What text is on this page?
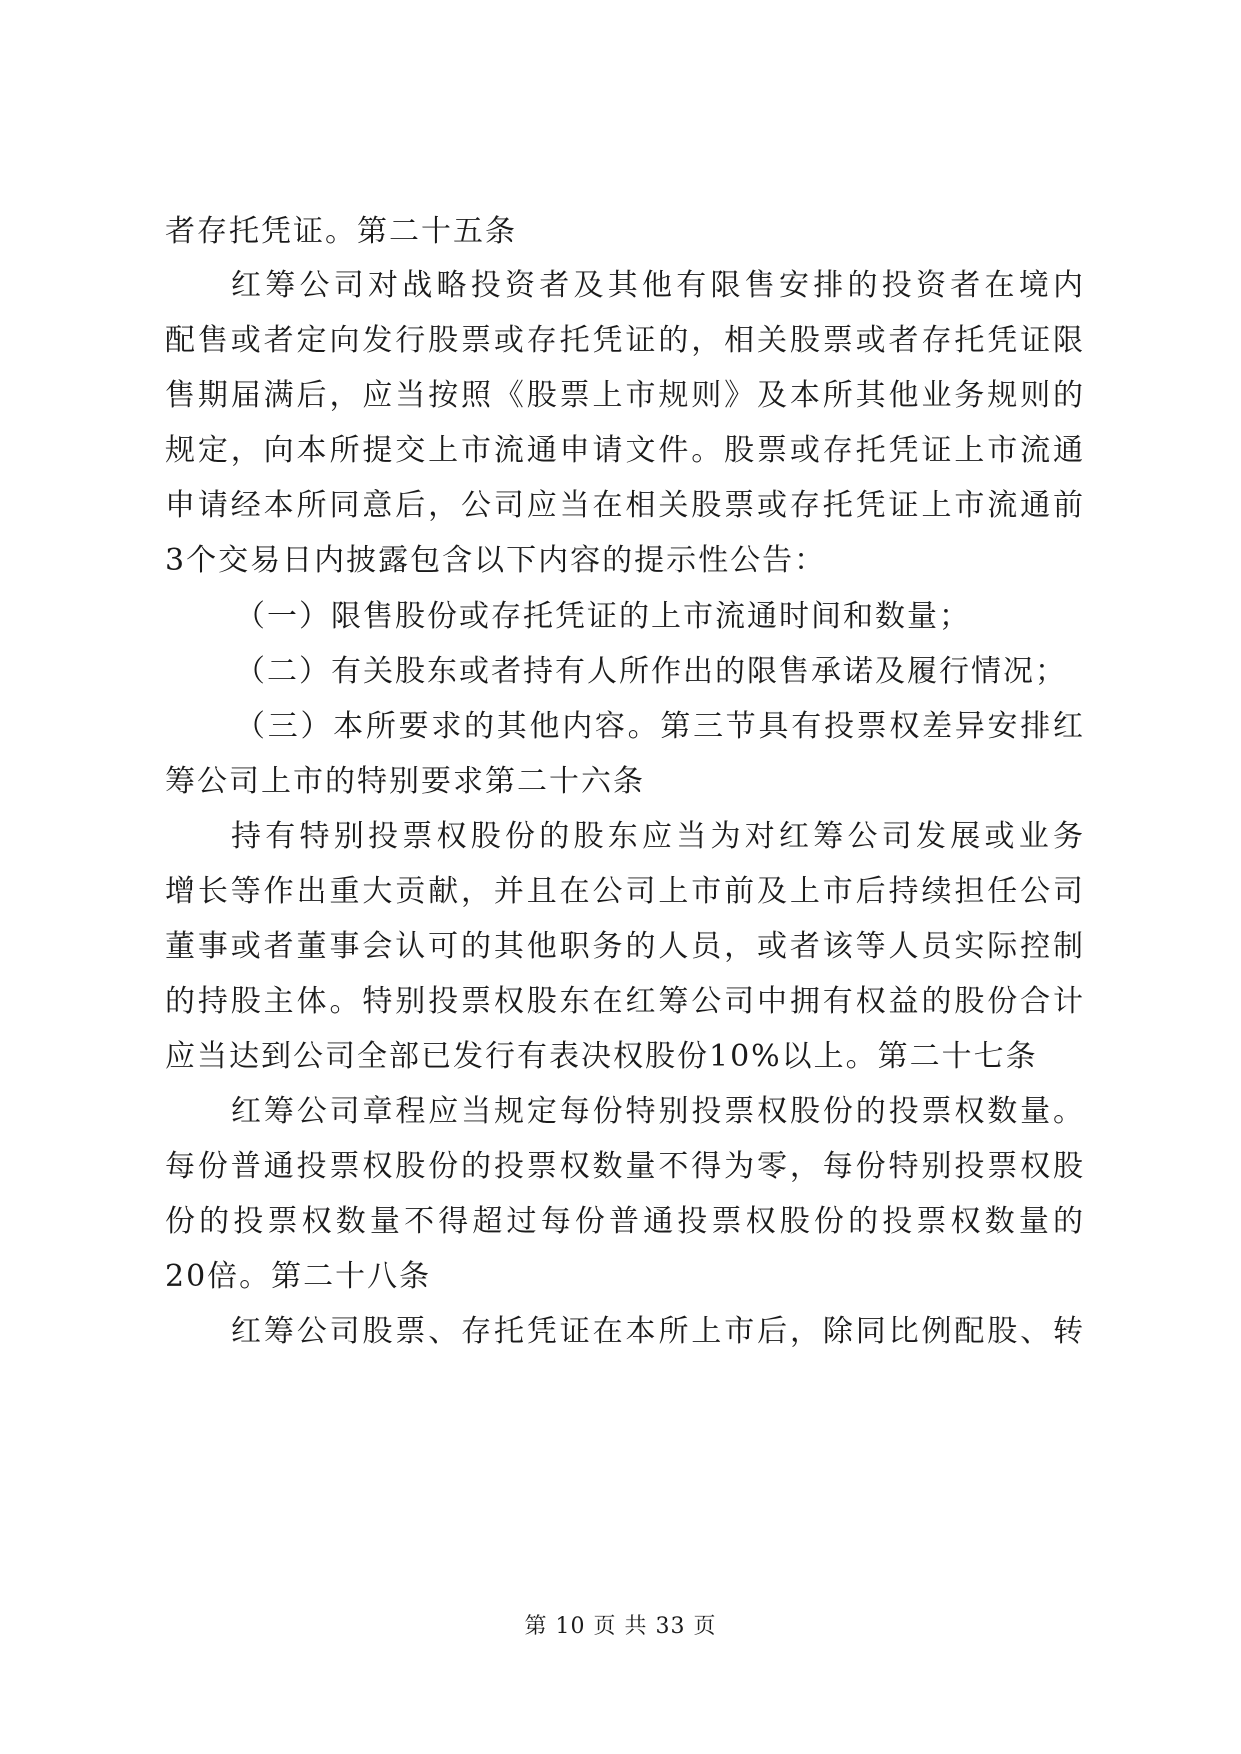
者存托凭证。第二十五条
红筹公司对战略投资者及其他有限售安排的投资者在境内
配售或者定向发行股票或存托凭证的，相关股票或者存托凭证限
售期届满后，应当按照《股票上市规则》及本所其他业务规则的
规定，向本所提交上市流通申请文件。股票或存托凭证上市流通
申请经本所同意后，公司应当在相关股票或存托凭证上市流通前
3个交易日内披露包含以下内容的提示性公告：
（一）限售股份或存托凭证的上市流通时间和数量；
（二）有关股东或者持有人所作出的限售承诺及履行情况；
（三）本所要求的其他内容。第三节具有投票权差异安排红
筹公司上市的特别要求第二十六条
持有特别投票权股份的股东应当为对红筹公司发展或业务
增长等作出重大贡献，并且在公司上市前及上市后持续担任公司
董事或者董事会认可的其他职务的人员，或者该等人员实际控制
的持股主体。特别投票权股东在红筹公司中拥有权益的股份合计
应当达到公司全部已发行有表决权股份10%以上。第二十七条
红筹公司章程应当规定每份特别投票权股份的投票权数量。
每份普通投票权股份的投票权数量不得为零，每份特别投票权股
份的投票权数量不得超过每份普通投票权股份的投票权数量的
20倍。第二十八条
红筹公司股票、存托凭证在本所上市后，除同比例配股、转
第 10 页 共 33 页
